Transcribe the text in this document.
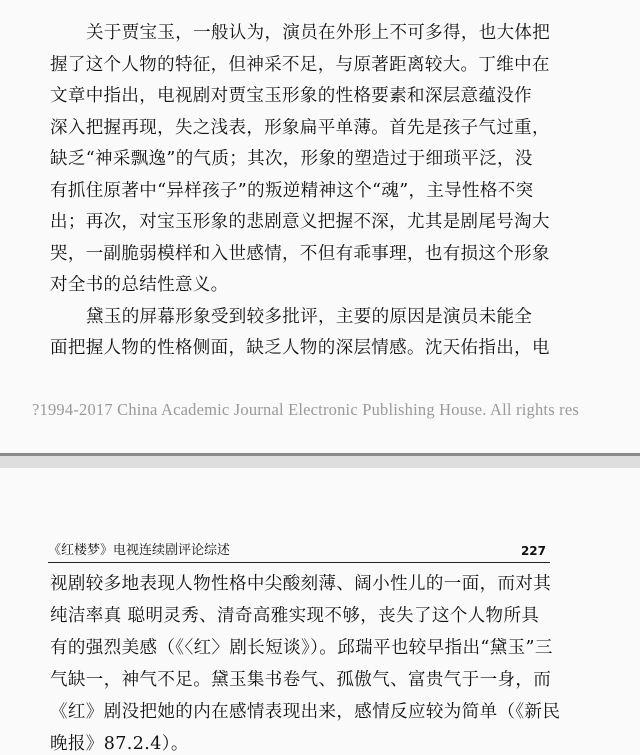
关于贾宝玉，一般认为，演员在外形上不可多得，也大体把
握了这个人物的特征，但神采不足，与原著距离较大。丁维中在
文章中指出，电视剧对贾宝玉形象的性格要素和深层意蕴没作
深入把握再现，失之浅表，形象扁平单薄。首先是孩子气过重，
缺乏“神采飘逸”的气质；其次，形象的塑造过于细琐平泛，没
有抓住原著中“异样孩子”的叛逆精神这个“魂”，主导性格不突
出；再次，对宝玉形象的悲剧意义把握不深，尤其是剧尾号淘大
哭，一副脆弱模样和入世感情，不但有乖事理，也有损这个形象
对全书的总结性意义。
黛玉的屏幕形象受到较多批评，主要的原因是演员未能全
面把握人物的性格侧面，缺乏人物的深层情感。沈天佑指出，电
?1994-2017 China Academic Journal Electronic Publishing House. All rights res
《红楼梦》电视连续剧评论综述	227
视剧较多地表现人物性格中尖酸刻薄、阔小性儿的一面，而对其
纯洁率真 聪明灵秀、清奇高雅实现不够，丧失了这个人物所具
有的强烈美感（《〈红〉剧长短谈》）。邱瑞平也较早指出“黛玉”三
气缺一，神气不足。黛玉集书卷气、孤傲气、富贵气于一身，而
《红》剧没把她的内在感情表现出来，感情反应较为简单（《新民
晚报》87.2.4）。
